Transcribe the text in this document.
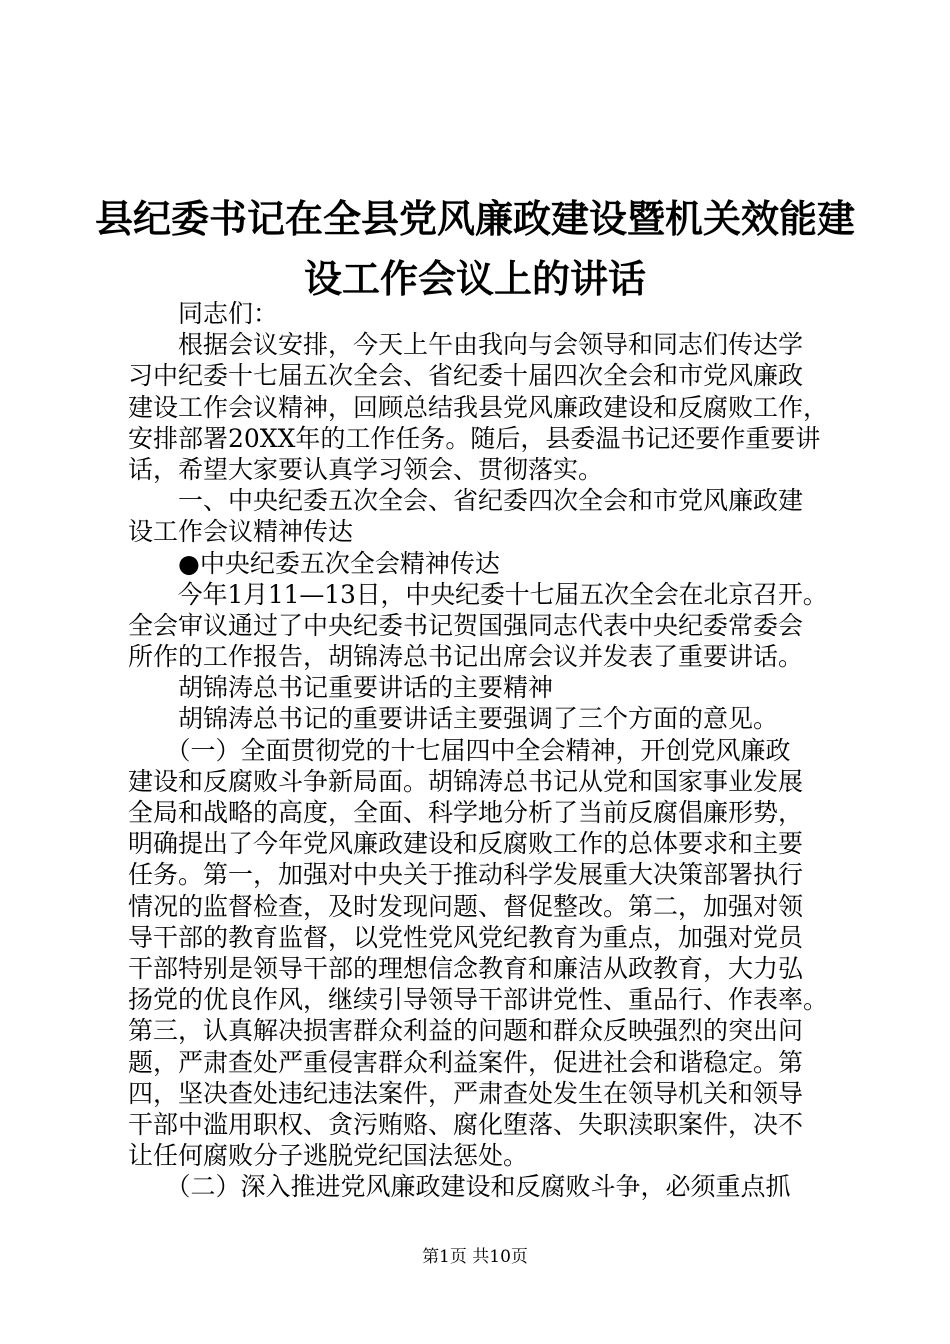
县纪委书记在全县党风廉政建设暨机关效能建
设工作会议上的讲话
　　同志们：
　　根据会议安排，今天上午由我向与会领导和同志们传达学
习中纪委十七届五次全会、省纪委十届四次全会和市党风廉政
建设工作会议精神，回顾总结我县党风廉政建设和反腐败工作，
安排部署20XX年的工作任务。随后，县委温书记还要作重要讲
话，希望大家要认真学习领会、贯彻落实。
　　一、中央纪委五次全会、省纪委四次全会和市党风廉政建
设工作会议精神传达
　　●中央纪委五次全会精神传达
　　今年1月11—13日，中央纪委十七届五次全会在北京召开。
全会审议通过了中央纪委书记贺国强同志代表中央纪委常委会
所作的工作报告，胡锦涛总书记出席会议并发表了重要讲话。
　　胡锦涛总书记重要讲话的主要精神
　　胡锦涛总书记的重要讲话主要强调了三个方面的意见。
　　（一）全面贯彻党的十七届四中全会精神，开创党风廉政
建设和反腐败斗争新局面。胡锦涛总书记从党和国家事业发展
全局和战略的高度，全面、科学地分析了当前反腐倡廉形势，
明确提出了今年党风廉政建设和反腐败工作的总体要求和主要
任务。第一，加强对中央关于推动科学发展重大决策部署执行
情况的监督检查，及时发现问题、督促整改。第二，加强对领
导干部的教育监督，以党性党风党纪教育为重点，加强对党员
干部特别是领导干部的理想信念教育和廉洁从政教育，大力弘
扬党的优良作风，继续引导领导干部讲党性、重品行、作表率。
第三，认真解决损害群众利益的问题和群众反映强烈的突出问
题，严肃查处严重侵害群众利益案件，促进社会和谐稳定。第
四，坚决查处违纪违法案件，严肃查处发生在领导机关和领导
干部中滥用职权、贪污贿赂、腐化堕落、失职渎职案件，决不
让任何腐败分子逃脱党纪国法惩处。
　　（二）深入推进党风廉政建设和反腐败斗争，必须重点抓
第1页 共10页
